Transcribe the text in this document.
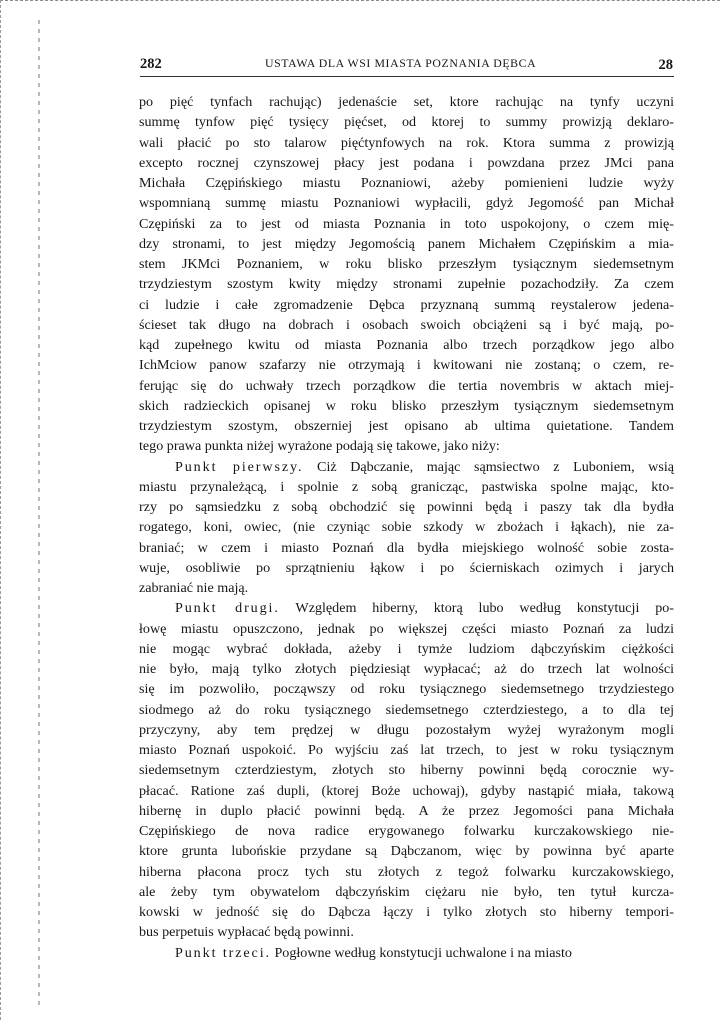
282	USTAWA DLA WSI MIASTA POZNANIA DĘBCA	28
po pięć tynfach rachując) jedenaście set, ktore rachując na tynfy uczyni
summę tynfow pięć tysięcy pięćset, od ktorej to summy prowizją deklaro-
wali płacić po sto talarow pięćtynfowych na rok. Ktora summa z prowizją
excepto rocznej czynszowej płacy jest podana i powzdana przez JMci pana
Michała Czępińskiego miastu Poznaniowi, ażeby pomienieni ludzie wyży
wspomnianą summę miastu Poznaniowi wypłacili, gdyż Jegomość pan Michał
Czępiński za to jest od miasta Poznania in toto uspokojony, o czem mię-
dzy stronami, to jest między Jegomością panem Michałem Czępińskim a mia-
stem JKMci Poznaniem, w roku blisko przeszłym tysiącznym siedemsetnym
trzydziestym szostym kwity między stronami zupełnie pozachodziły. Za czem
ci ludzie i całe zgromadzenie Dębca przyznaną summą reystalerow jedena-
ścieset tak długo na dobrach i osobach swoich obciążeni są i być mają, po-
kąd zupełnego kwitu od miasta Poznania albo trzech porządkow jego albo
IchMciow panow szafarzy nie otrzymają i kwitowani nie zostaną; o czem, re-
ferując się do uchwały trzech porządkow die tertia novembris w aktach miej-
skich radzieckich opisanej w roku blisko przeszłym tysiącznym siedemsetnym
trzydziestym szostym, obszerniej jest opisano ab ultima quietatione. Tandem
tego prawa punkta niżej wyrażone podają się takowe, jako niży:
Punkt pierwszy. Ciż Dąbczanie, mając sąmsiectwo z Luboniem, wsią
miastu przynależącą, i spolnie z sobą granicząc, pastwiska spolne mając, kto-
rzy po sąmsiedzku z sobą obchodzić się powinni będą i paszy tak dla bydła
rogatego, koni, owiec, (nie czyniąc sobie szkody w zbożach i łąkach), nie za-
braniać; w czem i miasto Poznań dla bydła miejskiego wolność sobie zosta-
wuje, osobliwie po sprzątnieniu łąkow i po ścierniskach ozimych i jarych
zabraniać nie mają.
Punkt drugi. Względem hiberny, ktorą lubo według konstytucji po-
łowę miastu opuszczono, jednak po większej części miasto Poznań za ludzi
nie mogąc wybrać dokłada, ażeby i tymże ludziom dąbczyńskim ciężkości
nie było, mają tylko złotych piędziesiąt wypłacać; aż do trzech lat wolności
się im pozwoliło, począwszy od roku tysiącznego siedemsetnego trzydziestego
siodmego aż do roku tysiącznego siedemsetnego czterdziestego, a to dla tej
przyczyny, aby tem prędzej w długu pozostałym wyżej wyrażonym mogli
miasto Poznań uspokoić. Po wyjściu zaś lat trzech, to jest w roku tysiącznym
siedemsetnym czterdziestym, złotych sto hiberny powinni będą corocznie wy-
płacać. Ratione zaś dupli, (ktorej Boże uchowaj), gdyby nastąpić miała, takową
hibernę in duplo płacić powinni będą. A że przez Jegomości pana Michała
Czępińskiego de nova radice erygowanego folwarku kurczakowskiego nie-
ktore grunta lubońskie przydane są Dąbczanom, więc by powinna być aparte
hiberna płacona procz tych stu złotych z tegoż folwarku kurczakowskiego,
ale żeby tym obywatelom dąbczyńskim ciężaru nie było, ten tytuł kurcza-
kowski w jedność się do Dąbcza łączy i tylko złotych sto hiberny tempori-
bus perpetuis wypłacać będą powinni.
Punkt trzeci. Pogłowne według konstytucji uchwalone i na miasto
